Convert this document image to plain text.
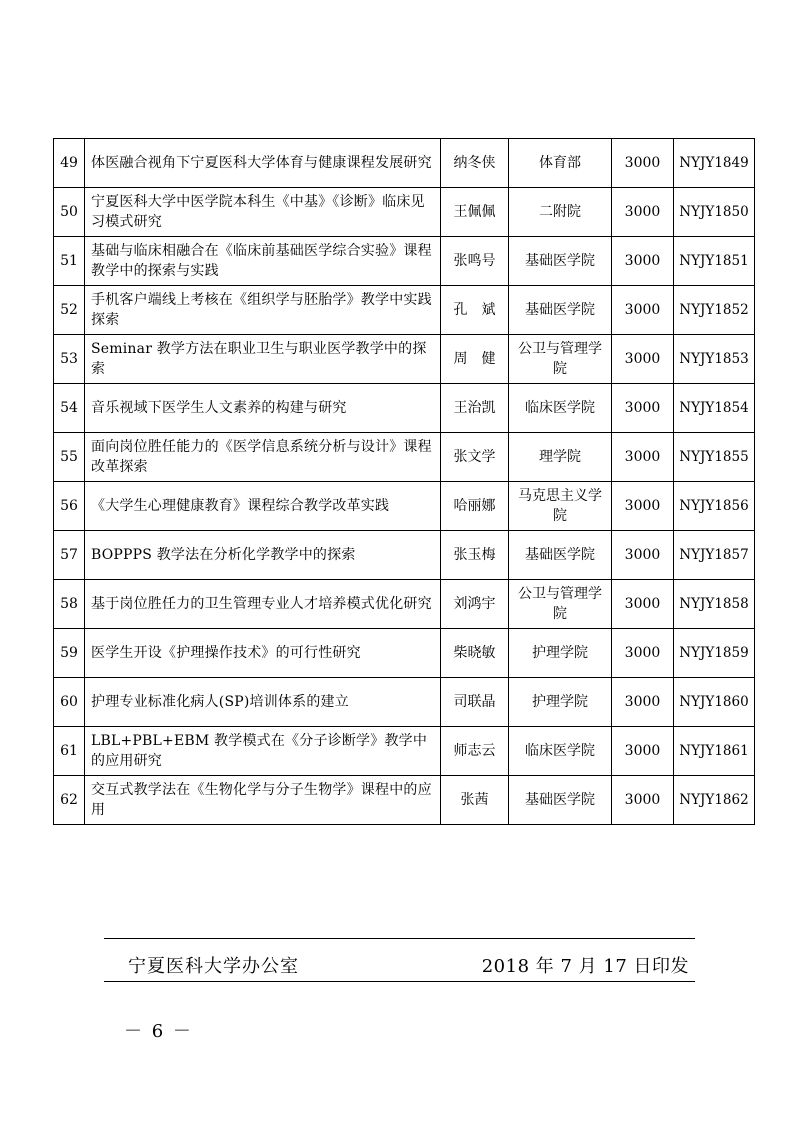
49	体医融合视角下宁夏医科大学体育与健康课程发展研究	纳冬侠	体育部	3000	NYJY1849
50	宁夏医科大学中医学院本科生《中基》《诊断》临床见习模式研究	王佩佩	二附院	3000	NYJY1850
51	基础与临床相融合在《临床前基础医学综合实验》课程教学中的探索与实践	张鸣号	基础医学院	3000	NYJY1851
52	手机客户端线上考核在《组织学与胚胎学》教学中实践探索	孔　斌	基础医学院	3000	NYJY1852
53	Seminar 教学方法在职业卫生与职业医学教学中的探索	周　健	公卫与管理学院	3000	NYJY1853
54	音乐视域下医学生人文素养的构建与研究	王治凯	临床医学院	3000	NYJY1854
55	面向岗位胜任能力的《医学信息系统分析与设计》课程改革探索	张文学	理学院	3000	NYJY1855
56	《大学生心理健康教育》课程综合教学改革实践	哈丽娜	马克思主义学院	3000	NYJY1856
57	BOPPPS 教学法在分析化学教学中的探索	张玉梅	基础医学院	3000	NYJY1857
58	基于岗位胜任力的卫生管理专业人才培养模式优化研究	刘鸿宇	公卫与管理学院	3000	NYJY1858
59	医学生开设《护理操作技术》的可行性研究	柴晓敏	护理学院	3000	NYJY1859
60	护理专业标准化病人(SP)培训体系的建立	司联晶	护理学院	3000	NYJY1860
61	LBL+PBL+EBM 教学模式在《分子诊断学》教学中的应用研究	师志云	临床医学院	3000	NYJY1861
62	交互式教学法在《生物化学与分子生物学》课程中的应用	张茜	基础医学院	3000	NYJY1862
宁夏医科大学办公室	2018 年 7 月 17 日印发
－ 6 －
